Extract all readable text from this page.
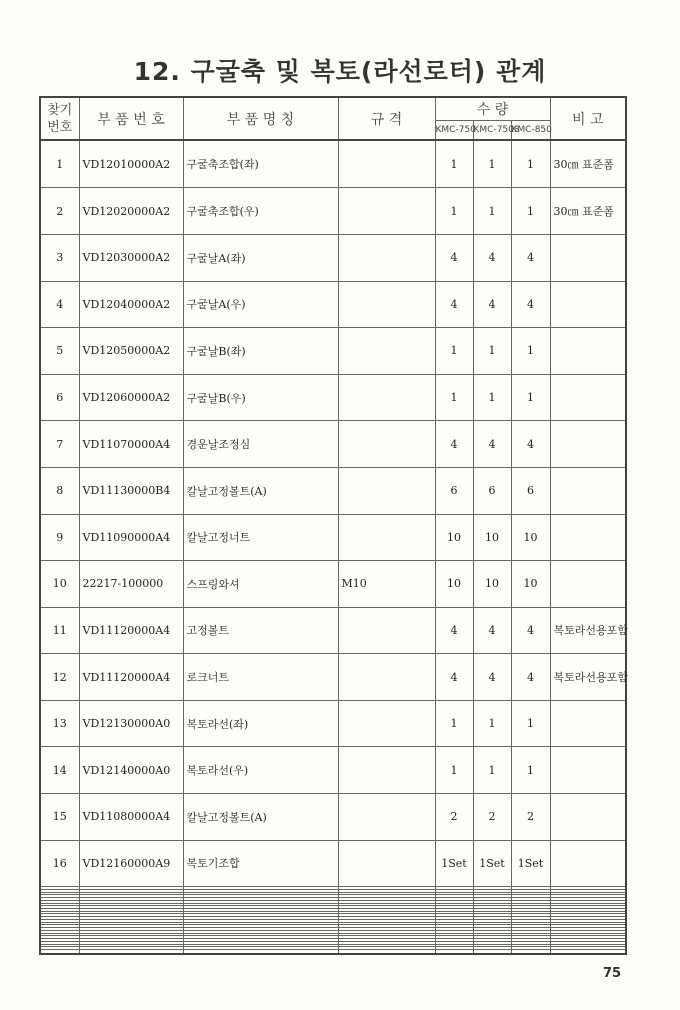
12. 구굴축 및 복토(라선로터) 관계
찾기
번호	부 품 번 호	부 품 명 칭	규 격	수 량			비 고
				KMC-750	KMC-750S	KMC-850	
1	VD12010000A2	구굴축조합(좌)		1	1	1	30㎝ 표준폼
2	VD12020000A2	구굴축조합(우)		1	1	1	30㎝ 표준폼
3	VD12030000A2	구굴날A(좌)		4	4	4	
4	VD12040000A2	구굴날A(우)		4	4	4	
5	VD12050000A2	구굴날B(좌)		1	1	1	
6	VD12060000A2	구굴날B(우)		1	1	1	
7	VD11070000A4	경운날조정심		4	4	4	
8	VD11130000B4	칼날고정볼트(A)		6	6	6	
9	VD11090000A4	칼날고정너트		10	10	10	
10	22217-100000	스프링와셔	M10	10	10	10	
11	VD11120000A4	고정볼트		4	4	4	복토라선용포함
12	VD11120000A4	로크너트		4	4	4	복토라선용포함
13	VD12130000A0	복토라선(좌)		1	1	1	
14	VD12140000A0	복토라선(우)		1	1	1	
15	VD11080000A4	칼날고정볼트(A)		2	2	2	
16	VD12160000A9	복토기조합		1Set	1Set	1Set	

75
